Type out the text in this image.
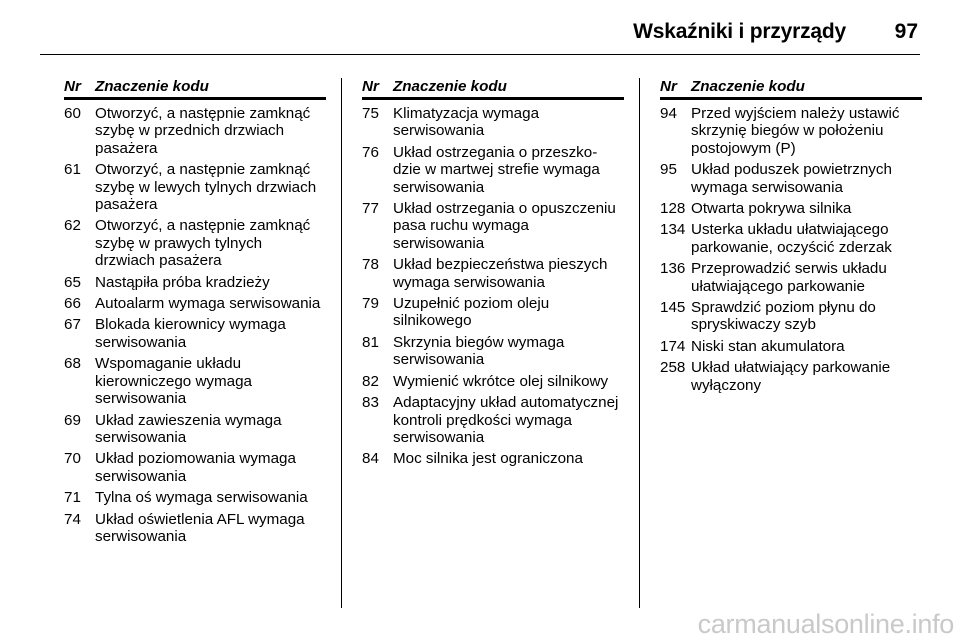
Wskaźniki i przyrządy 97
Nr Znaczenie kodu
60 Otworzyć, a następnie zamknąć szybę w przednich drzwiach pasażera
61 Otworzyć, a następnie zamknąć szybę w lewych tylnych drzwiach pasażera
62 Otworzyć, a następnie zamknąć szybę w prawych tylnych drzwiach pasażera
65 Nastąpiła próba kradzieży
66 Autoalarm wymaga serwisowania
67 Blokada kierownicy wymaga serwisowania
68 Wspomaganie układu kierowniczego wymaga serwisowania
69 Układ zawieszenia wymaga serwisowania
70 Układ poziomowania wymaga serwisowania
71 Tylna oś wymaga serwisowania
74 Układ oświetlenia AFL wymaga serwisowania
Nr Znaczenie kodu
75 Klimatyzacja wymaga serwisowania
76 Układ ostrzegania o przeszko-dzie w martwej strefie wymaga serwisowania
77 Układ ostrzegania o opuszczeniu pasa ruchu wymaga serwisowania
78 Układ bezpieczeństwa pieszych wymaga serwisowania
79 Uzupełnić poziom oleju silnikowego
81 Skrzynia biegów wymaga serwisowania
82 Wymienić wkrótce olej silnikowy
83 Adaptacyjny układ automatycznej kontroli prędkości wymaga serwisowania
84 Moc silnika jest ograniczona
Nr Znaczenie kodu
94 Przed wyjściem należy ustawić skrzynię biegów w położeniu postojowym (P)
95 Układ poduszek powietrznych wymaga serwisowania
128 Otwarta pokrywa silnika
134 Usterka układu ułatwiającego parkowanie, oczyścić zderzak
136 Przeprowadzić serwis układu ułatwiającego parkowanie
145 Sprawdzić poziom płynu do spryskiwaczy szyb
174 Niski stan akumulatora
258 Układ ułatwiający parkowanie wyłączony
carmanualsonline.info
